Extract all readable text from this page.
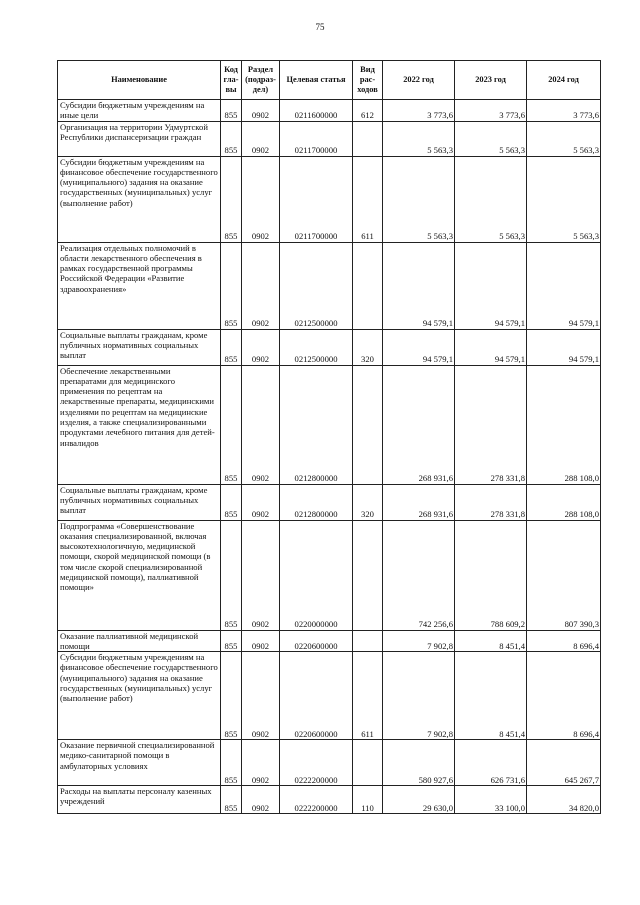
75
Наименование	Код гла-вы	Раздел (подраз-дел)	Целевая статья	Вид рас-ходов	2022 год	2023 год	2024 год
Субсидии бюджетным учреждениям на иные цели	855	0902	0211600000	612	3 773,6	3 773,6	3 773,6
Организация на территории Удмуртской Республики диспансеризации граждан	855	0902	0211700000		5 563,3	5 563,3	5 563,3
Субсидии бюджетным учреждениям на финансовое обеспечение государственного (муниципального) задания на оказание государственных (муниципальных) услуг (выполнение работ)	855	0902	0211700000	611	5 563,3	5 563,3	5 563,3
Реализация отдельных полномочий в области лекарственного обеспечения в рамках государственной программы Российской Федерации «Развитие здравоохранения»	855	0902	0212500000		94 579,1	94 579,1	94 579,1
Социальные выплаты гражданам, кроме публичных нормативных социальных выплат	855	0902	0212500000	320	94 579,1	94 579,1	94 579,1
Обеспечение лекарственными препаратами для медицинского применения по рецептам на лекарственные препараты, медицинскими изделиями по рецептам на медицинские изделия, а также специализированными продуктами лечебного питания для детей-инвалидов	855	0902	0212800000		268 931,6	278 331,8	288 108,0
Социальные выплаты гражданам, кроме публичных нормативных социальных выплат	855	0902	0212800000	320	268 931,6	278 331,8	288 108,0
Подпрограмма «Совершенствование оказания специализированной, включая высокотехнологичную, медицинской помощи, скорой медицинской помощи (в том числе скорой специализированной медицинской помощи), паллиативной помощи»	855	0902	0220000000		742 256,6	788 609,2	807 390,3
Оказание паллиативной медицинской помощи	855	0902	0220600000		7 902,8	8 451,4	8 696,4
Субсидии бюджетным учреждениям на финансовое обеспечение государственного (муниципального) задания на оказание государственных (муниципальных) услуг (выполнение работ)	855	0902	0220600000	611	7 902,8	8 451,4	8 696,4
Оказание первичной специализированной медико-санитарной помощи в амбулаторных условиях	855	0902	0222200000		580 927,6	626 731,6	645 267,7
Расходы на выплаты персоналу казенных учреждений	855	0902	0222200000	110	29 630,0	33 100,0	34 820,0
